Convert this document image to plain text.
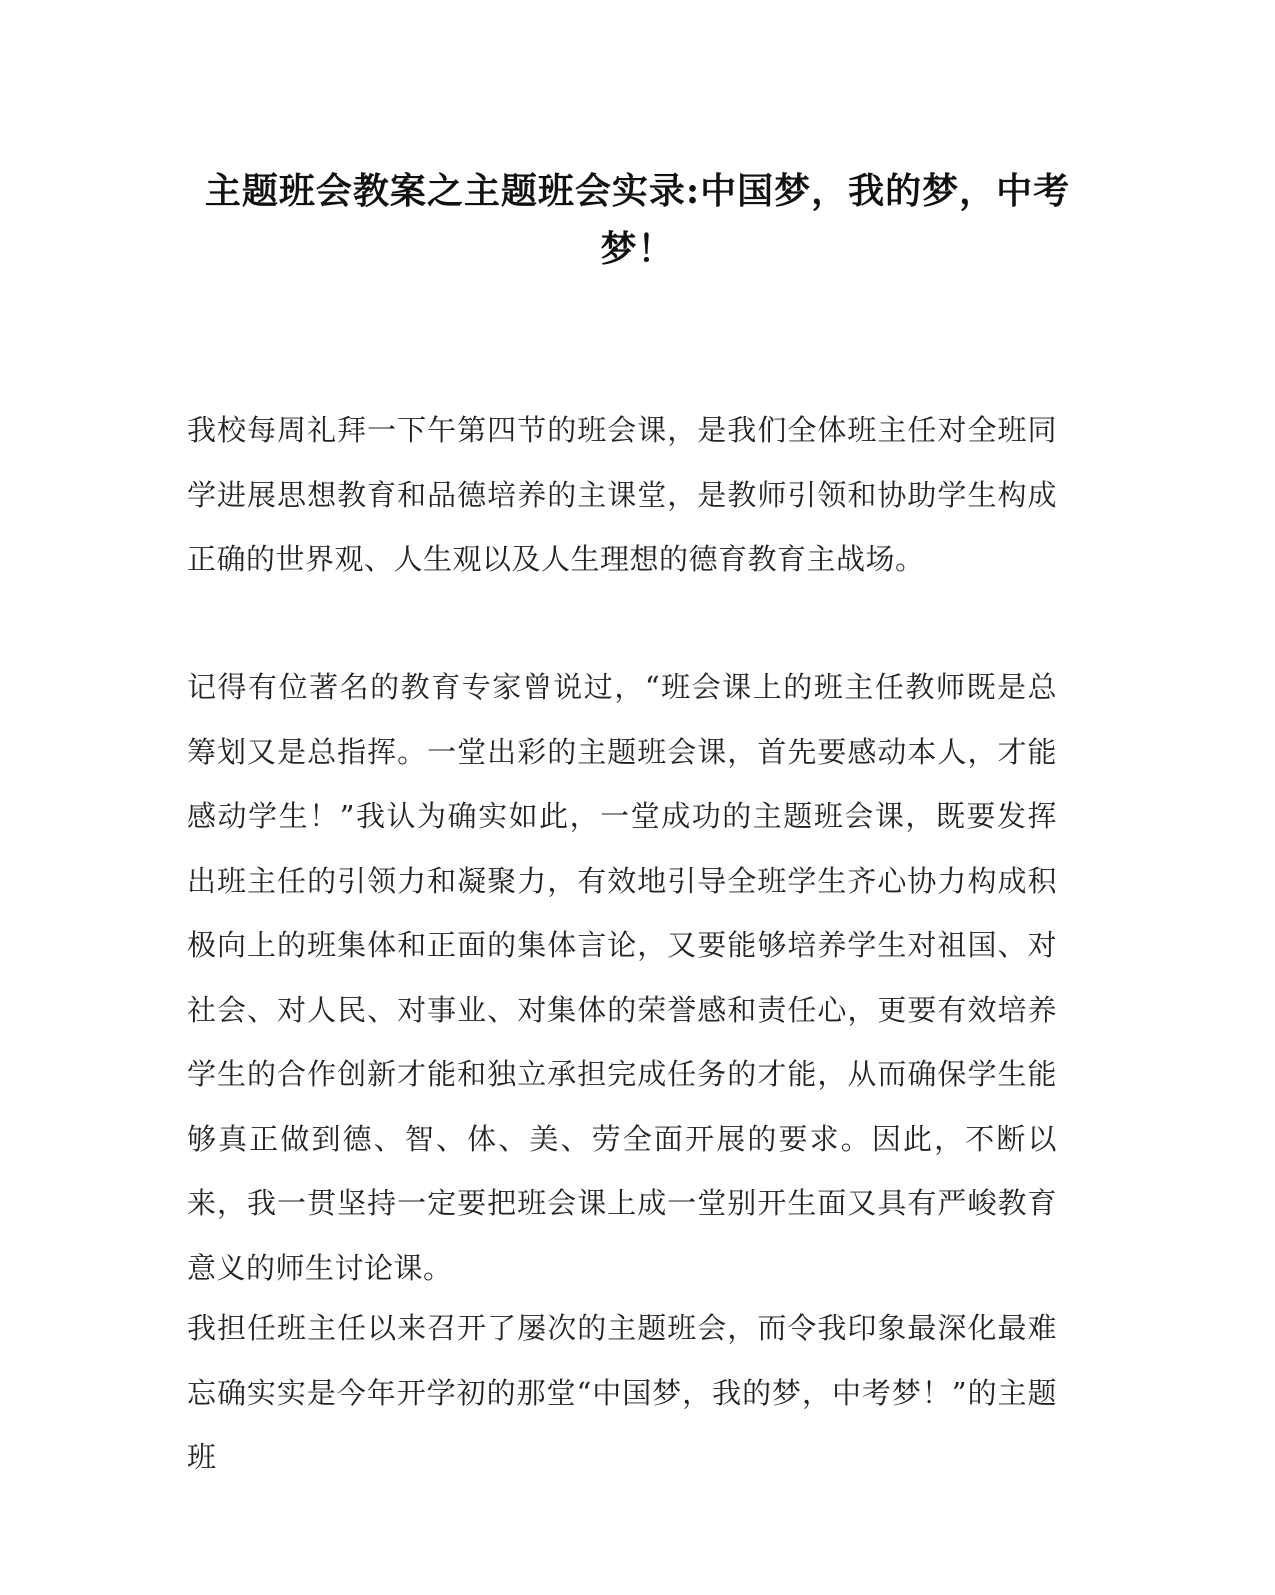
主题班会教案之主题班会实录:中国梦，我的梦，中考梦！

我校每周礼拜一下午第四节的班会课，是我们全体班主任对全班同学进展思想教育和品德培养的主课堂，是教师引领和协助学生构成正确的世界观、人生观以及人生理想的德育教育主战场。

记得有位著名的教育专家曾说过，“班会课上的班主任教师既是总筹划又是总指挥。一堂出彩的主题班会课，首先要感动本人，才能感动学生！”我认为确实如此，一堂成功的主题班会课，既要发挥出班主任的引领力和凝聚力，有效地引导全班学生齐心协力构成积极向上的班集体和正面的集体言论，又要能够培养学生对祖国、对社会、对人民、对事业、对集体的荣誉感和责任心，更要有效培养学生的合作创新才能和独立承担完成任务的才能，从而确保学生能够真正做到德、智、体、美、劳全面开展的要求。因此，不断以来，我一贯坚持一定要把班会课上成一堂别开生面又具有严峻教育意义的师生讨论课。

我担任班主任以来召开了屡次的主题班会，而令我印象最深化最难忘确实实是今年开学初的那堂“中国梦，我的梦，中考梦！”的主题班
